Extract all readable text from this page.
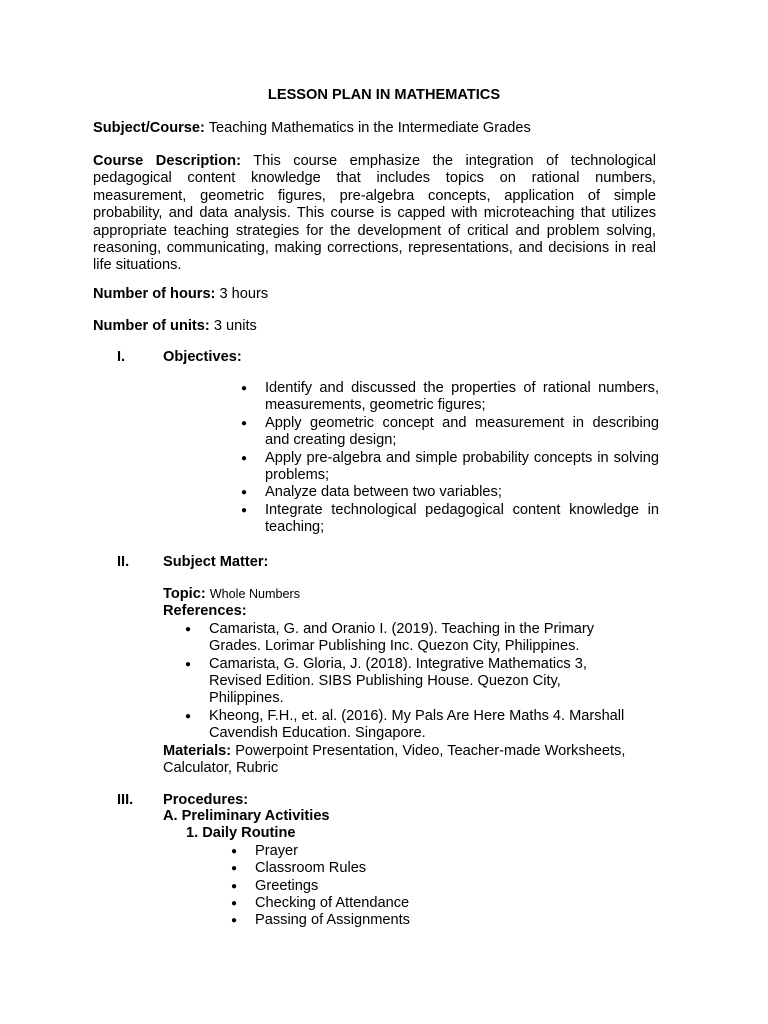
LESSON PLAN IN MATHEMATICS
Subject/Course: Teaching Mathematics in the Intermediate Grades
Course Description: This course emphasize the integration of technological pedagogical content knowledge that includes topics on rational numbers, measurement, geometric figures, pre-algebra concepts, application of simple probability, and data analysis. This course is capped with microteaching that utilizes appropriate teaching strategies for the development of critical and problem solving, reasoning, communicating, making corrections, representations, and decisions in real life situations.
Number of hours: 3 hours
Number of units: 3 units
I.	Objectives:
● Identify and discussed the properties of rational numbers, measurements, geometric figures;
● Apply geometric concept and measurement in describing and creating design;
● Apply pre-algebra and simple probability concepts in solving problems;
● Analyze data between two variables;
● Integrate technological pedagogical content knowledge in teaching;
II. Subject Matter:
Topic: Whole Numbers
References:
● Camarista, G. and Oranio I. (2019). Teaching in the Primary Grades. Lorimar Publishing Inc. Quezon City, Philippines.
● Camarista, G. Gloria, J. (2018). Integrative Mathematics 3, Revised Edition. SIBS Publishing House. Quezon City, Philippines.
● Kheong, F.H., et. al. (2016). My Pals Are Here Maths 4. Marshall Cavendish Education. Singapore.
Materials: Powerpoint Presentation, Video, Teacher-made Worksheets, Calculator, Rubric
III. Procedures:
A. Preliminary Activities
1. Daily Routine
● Prayer
● Classroom Rules
● Greetings
● Checking of Attendance
● Passing of Assignments
